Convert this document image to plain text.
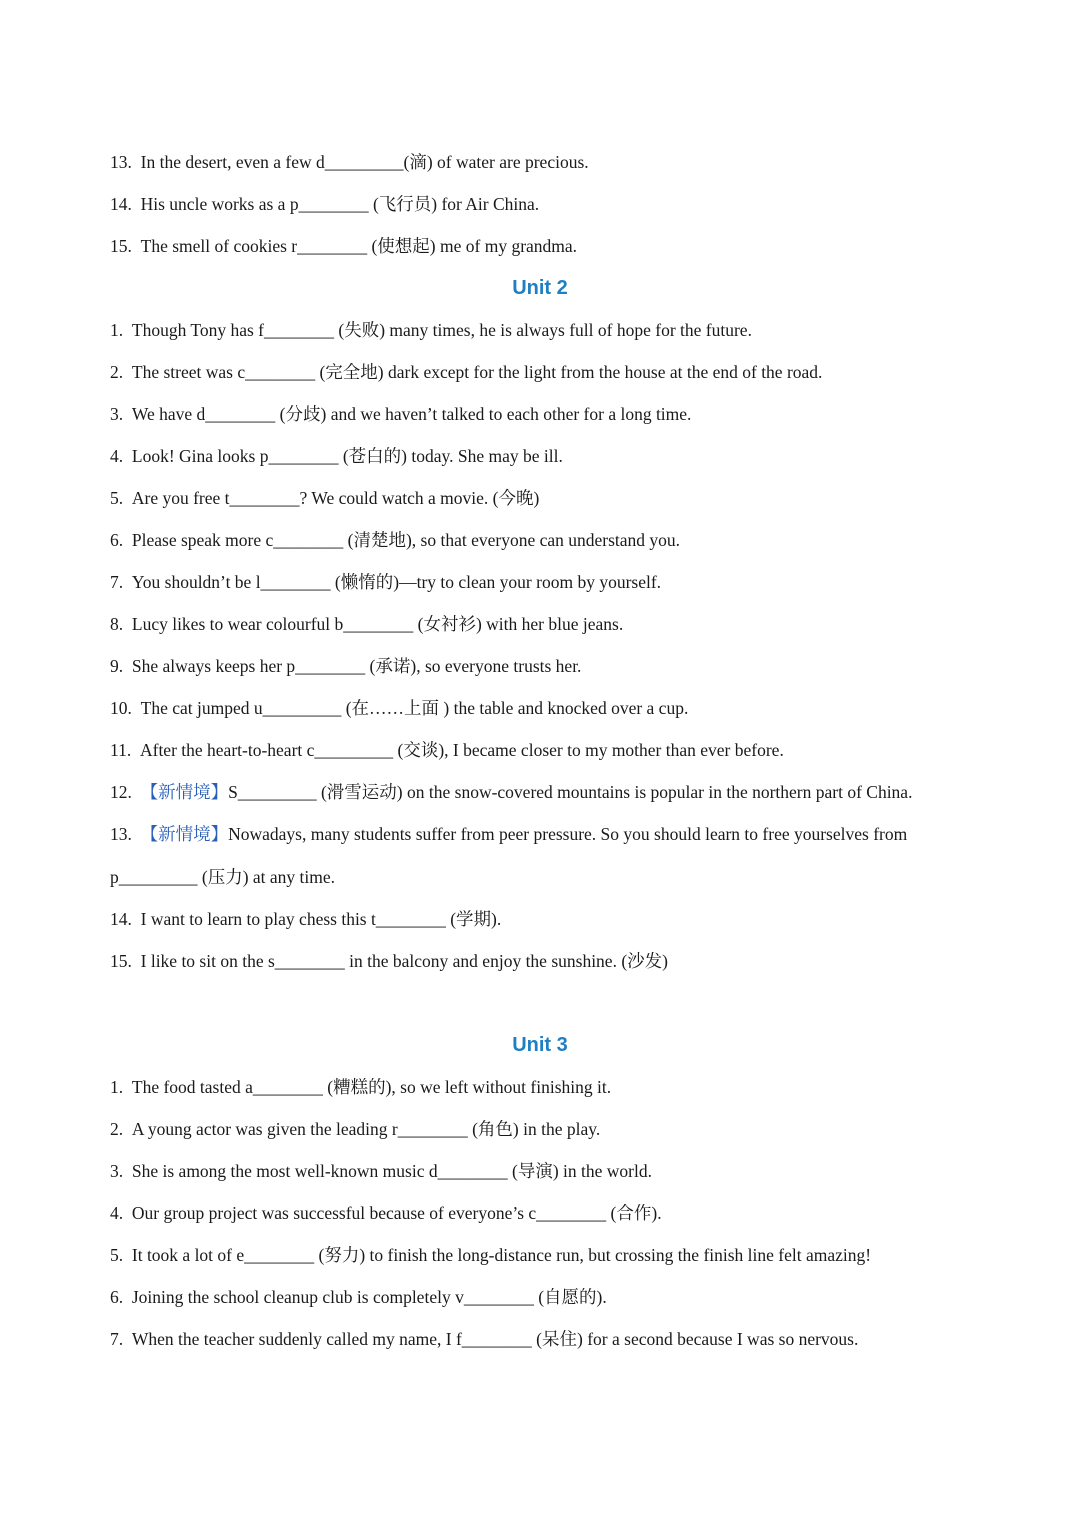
13. In the desert, even a few d_________(滴) of water are precious.
14. His uncle works as a p________ (飞行员) for Air China.
15. The smell of cookies r________ (使想起) me of my grandma.
Unit 2
1. Though Tony has f________ (失败) many times, he is always full of hope for the future.
2. The street was c________ (完全地) dark except for the light from the house at the end of the road.
3. We have d________ (分歧) and we haven’t talked to each other for a long time.
4. Look! Gina looks p________ (苍白的) today. She may be ill.
5. Are you free t________? We could watch a movie. (今晚)
6. Please speak more c________ (清楚地), so that everyone can understand you.
7. You shouldn’t be l________ (懒惰的)—try to clean your room by yourself.
8. Lucy likes to wear colourful b________ (女衬衫) with her blue jeans.
9. She always keeps her p________ (承诺), so everyone trusts her.
10. The cat jumped u_________ (在……上面 ) the table and knocked over a cup.
11. After the heart-to-heart c_________ (交谈), I became closer to my mother than ever before.
12. 【新情境】S_________ (滑雪运动) on the snow-covered mountains is popular in the northern part of China.
13. 【新情境】Nowadays, many students suffer from peer pressure. So you should learn to free yourselves from
p_________ (压力) at any time.
14. I want to learn to play chess this t________ (学期).
15. I like to sit on the s________ in the balcony and enjoy the sunshine. (沙发)
Unit 3
1. The food tasted a________ (糟糕的), so we left without finishing it.
2. A young actor was given the leading r________ (角色) in the play.
3. She is among the most well-known music d________ (导演) in the world.
4. Our group project was successful because of everyone’s c________ (合作).
5. It took a lot of e________ (努力) to finish the long-distance run, but crossing the finish line felt amazing!
6. Joining the school cleanup club is completely v________ (自愿的).
7. When the teacher suddenly called my name, I f________ (呆住) for a second because I was so nervous.
